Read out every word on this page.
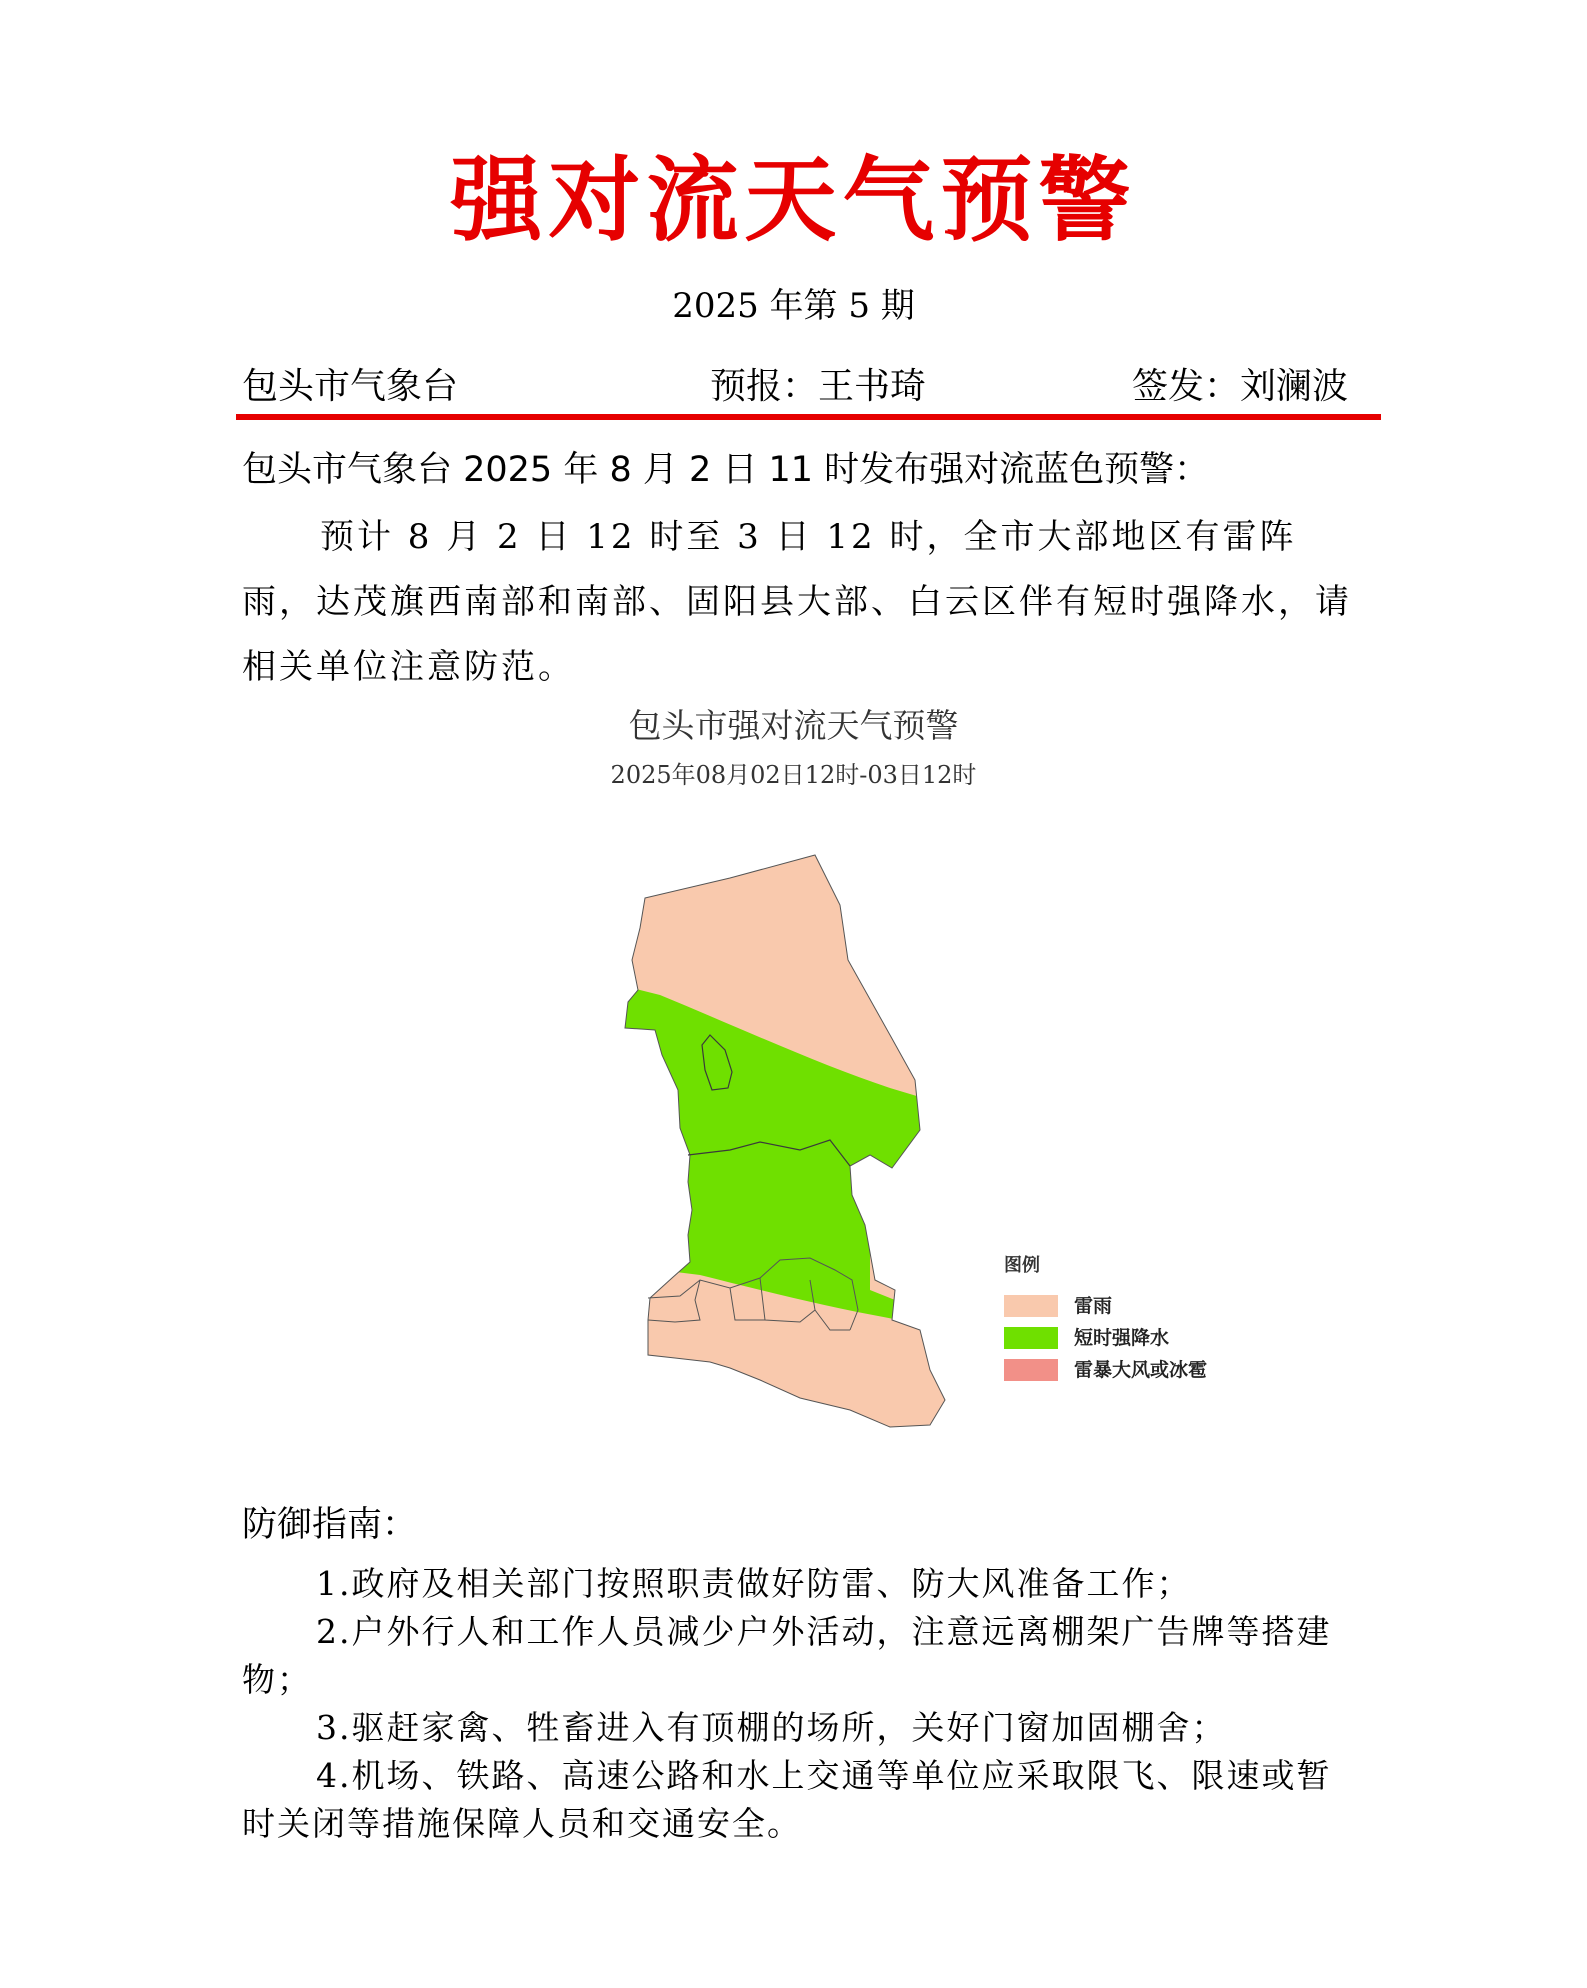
强对流天气预警
2025 年第 5 期
包头市气象台	预报：王书琦	签发：刘澜波
包头市气象台 2025 年 8 月 2 日 11 时发布强对流蓝色预警：
预计 8 月 2 日 12 时至 3 日 12 时，全市大部地区有雷阵雨，达茂旗西南部和南部、固阳县大部、白云区伴有短时强降水，请相关单位注意防范。
包头市强对流天气预警
2025年08月02日12时-03日12时
图例
雷雨
短时强降水
雷暴大风或冰雹
防御指南：

1.政府及相关部门按照职责做好防雷、防大风准备工作；

2.户外行人和工作人员减少户外活动，注意远离棚架广告牌等搭建物；

3.驱赶家禽、牲畜进入有顶棚的场所，关好门窗加固棚舍；

4.机场、铁路、高速公路和水上交通等单位应采取限飞、限速或暂时关闭等措施保障人员和交通安全。
